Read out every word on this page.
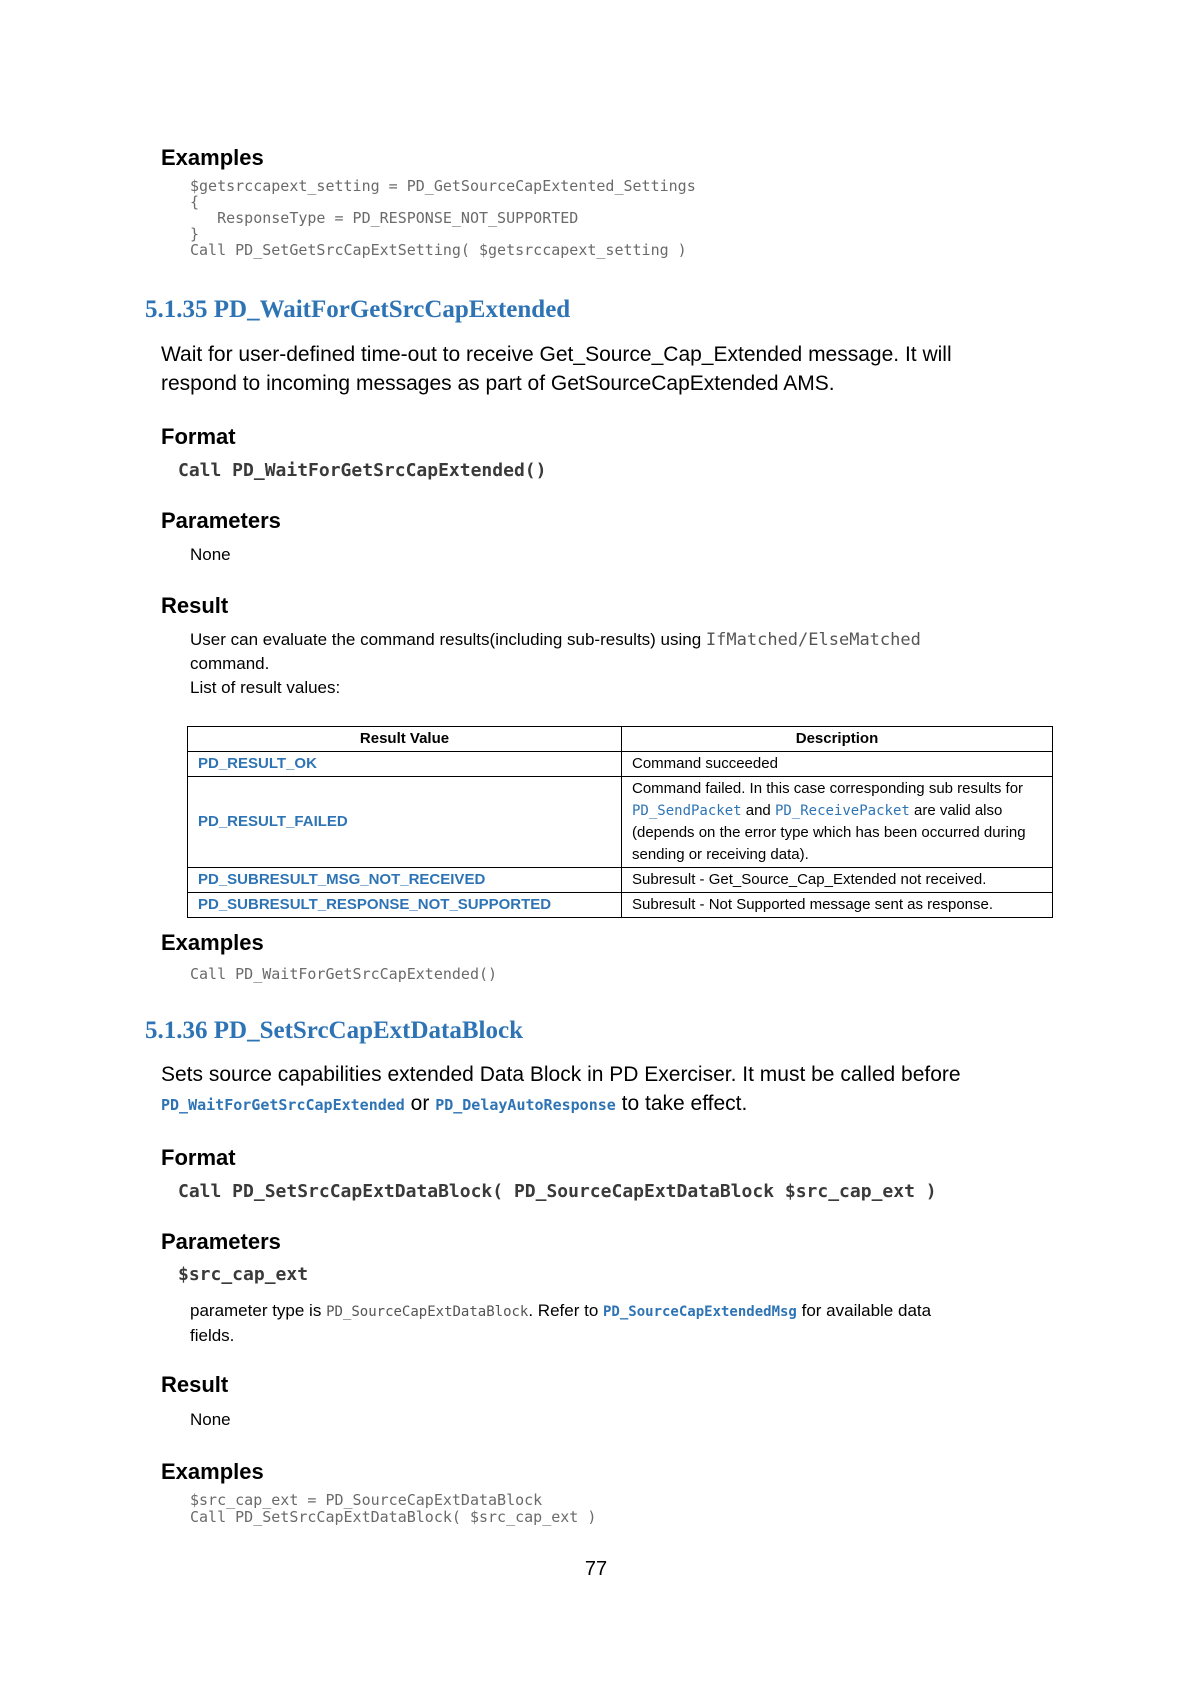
Examples
$getsrccapext_setting = PD_GetSourceCapExtented_Settings
{
ResponseType = PD_RESPONSE_NOT_SUPPORTED
}
Call PD_SetGetSrcCapExtSetting( $getsrccapext_setting )
5.1.35 PD_WaitForGetSrcCapExtended
Wait for user-defined time-out to receive Get_Source_Cap_Extended message. It will
respond to incoming messages as part of GetSourceCapExtended AMS.
Format
Call PD_WaitForGetSrcCapExtended()
Parameters
None
Result
User can evaluate the command results(including sub-results) using IfMatched/ElseMatched
command.
List of result values:
Result Value	Description
PD_RESULT_OK	Command succeeded
PD_RESULT_FAILED	Command failed. In this case corresponding sub results for PD_SendPacket and PD_ReceivePacket are valid also (depends on the error type which has been occurred during sending or receiving data).
PD_SUBRESULT_MSG_NOT_RECEIVED	Subresult - Get_Source_Cap_Extended not received.
PD_SUBRESULT_RESPONSE_NOT_SUPPORTED	Subresult - Not Supported message sent as response.
Examples
Call PD_WaitForGetSrcCapExtended()
5.1.36 PD_SetSrcCapExtDataBlock
Sets source capabilities extended Data Block in PD Exerciser. It must be called before
PD_WaitForGetSrcCapExtended or PD_DelayAutoResponse to take effect.
Format
Call PD_SetSrcCapExtDataBlock( PD_SourceCapExtDataBlock $src_cap_ext )
Parameters
$src_cap_ext
parameter type is PD_SourceCapExtDataBlock. Refer to PD_SourceCapExtendedMsg for available data
fields.
Result
None
Examples
$src_cap_ext = PD_SourceCapExtDataBlock
Call PD_SetSrcCapExtDataBlock( $src_cap_ext )
77
